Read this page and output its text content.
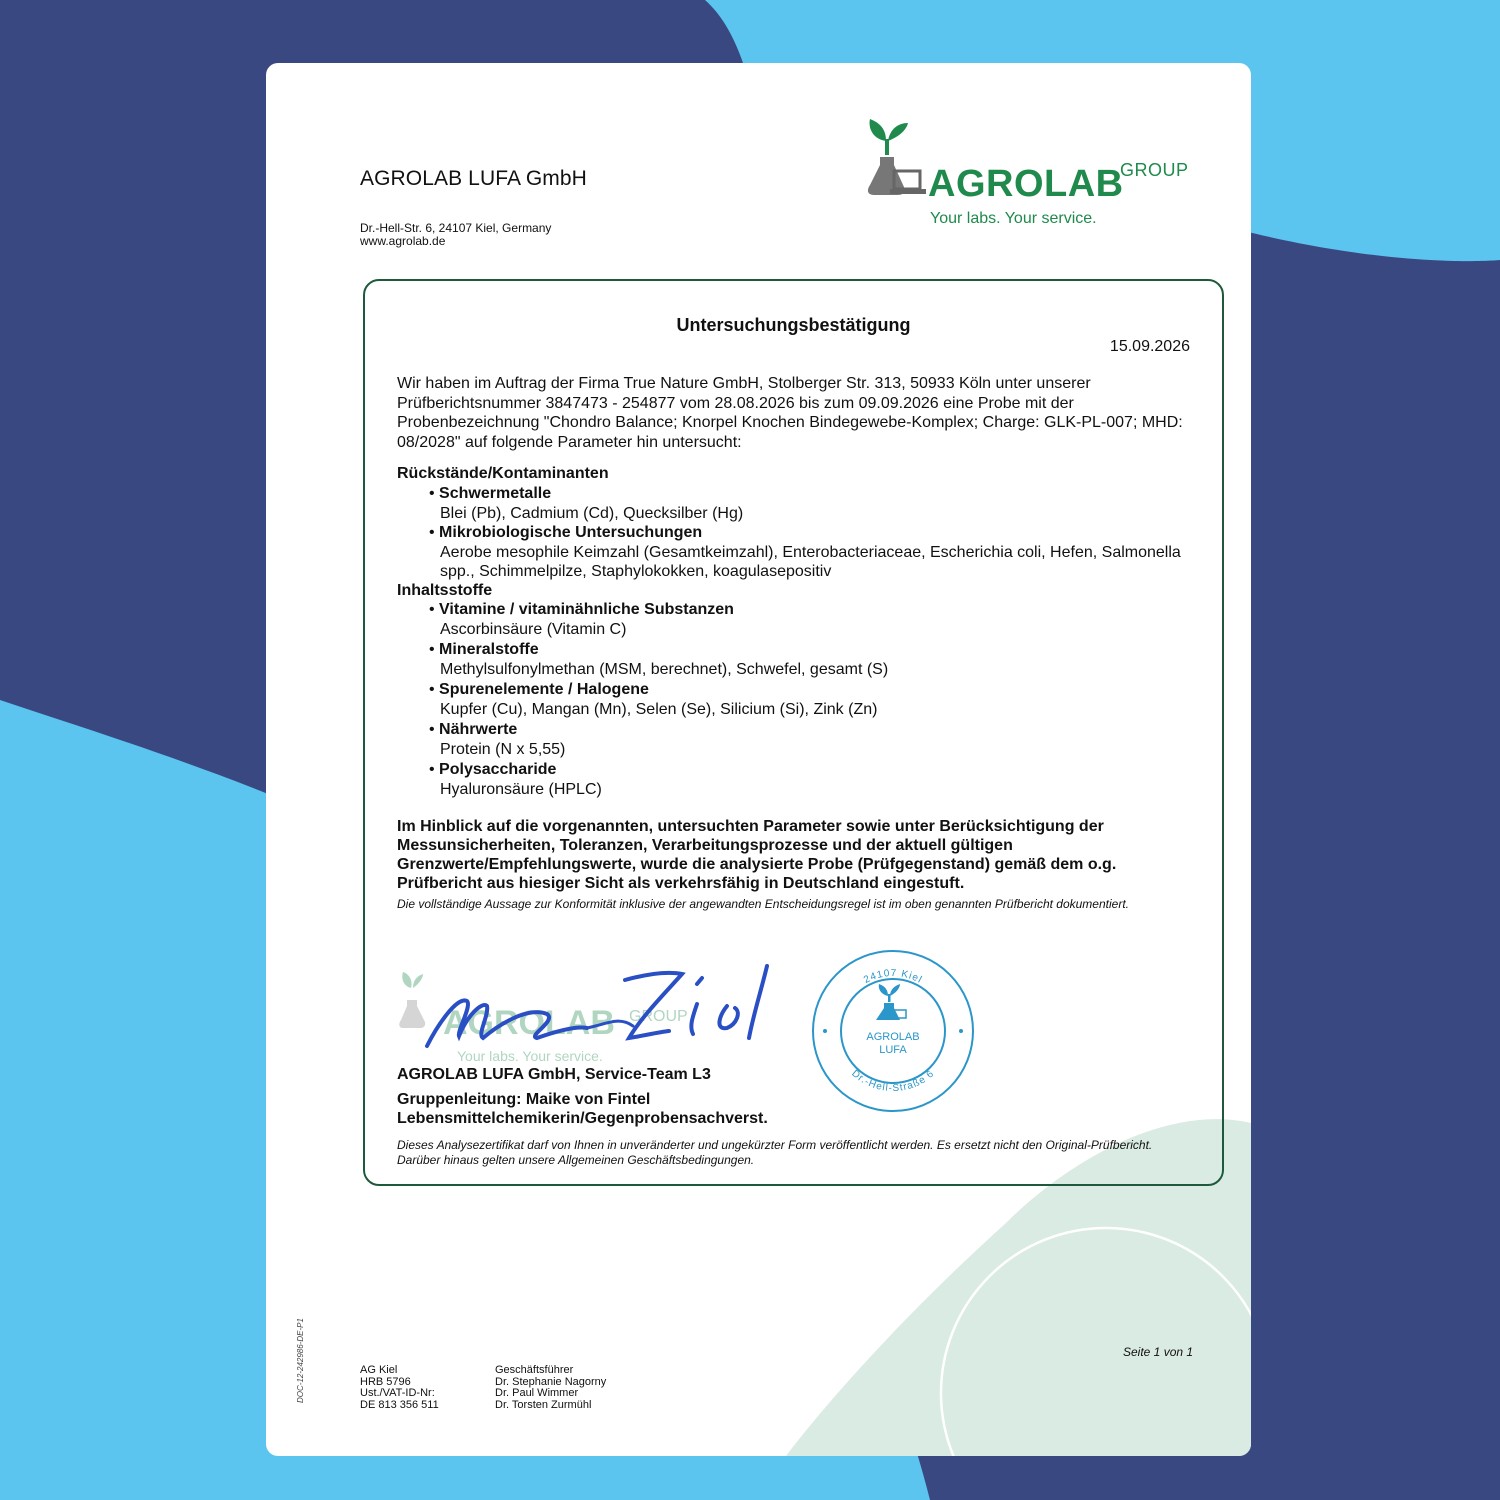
AGROLAB LUFA GmbH
Dr.-Hell-Str. 6, 24107 Kiel, Germany
www.agrolab.de
AGROLAB
GROUP
Your labs. Your service.
Untersuchungsbestätigung
15.09.2026
Wir haben im Auftrag der Firma True Nature GmbH, Stolberger Str. 313, 50933 Köln unter unserer Prüfberichtsnummer 3847473 - 254877 vom 28.08.2026 bis zum 09.09.2026 eine Probe mit der Probenbezeichnung "Chondro Balance; Knorpel Knochen Bindegewebe-Komplex; Charge: GLK-PL-007; MHD: 08/2028" auf folgende Parameter hin untersucht:
Rückstände/Kontaminanten
• Schwermetalle
Blei (Pb), Cadmium (Cd), Quecksilber (Hg)
• Mikrobiologische Untersuchungen
Aerobe mesophile Keimzahl (Gesamtkeimzahl), Enterobacteriaceae, Escherichia coli, Hefen, Salmonella spp., Schimmelpilze, Staphylokokken, koagulasepositiv
Inhaltsstoffe
• Vitamine / vitaminähnliche Substanzen
Ascorbinsäure (Vitamin C)
• Mineralstoffe
Methylsulfonylmethan (MSM, berechnet), Schwefel, gesamt (S)
• Spurenelemente / Halogene
Kupfer (Cu), Mangan (Mn), Selen (Se), Silicium (Si), Zink (Zn)
• Nährwerte
Protein (N x 5,55)
• Polysaccharide
Hyaluronsäure (HPLC)
Im Hinblick auf die vorgenannten, untersuchten Parameter sowie unter Berücksichtigung der Messunsicherheiten, Toleranzen, Verarbeitungsprozesse und der aktuell gültigen Grenzwerte/Empfehlungswerte, wurde die analysierte Probe (Prüfgegenstand) gemäß dem o.g. Prüfbericht aus hiesiger Sicht als verkehrsfähig in Deutschland eingestuft.
Die vollständige Aussage zur Konformität inklusive der angewandten Entscheidungsregel ist im oben genannten Prüfbericht dokumentiert.
AGROLAB GROUP
Your labs. Your service.
24107 Kiel
Dr.-Hell-Straße 6
AGROLAB
LUFA
AGROLAB LUFA GmbH, Service-Team L3
Gruppenleitung: Maike von Fintel
Lebensmittelchemikerin/Gegenprobensachverst.
Dieses Analysezertifikat darf von Ihnen in unveränderter und ungekürzter Form veröffentlicht werden. Es ersetzt nicht den Original-Prüfbericht. Darüber hinaus gelten unsere Allgemeinen Geschäftsbedingungen.
Seite 1 von 1
AG Kiel
HRB 5796
Ust./VAT-ID-Nr:
DE 813 356 511
Geschäftsführer
Dr. Stephanie Nagorny
Dr. Paul Wimmer
Dr. Torsten Zurmühl
DOC-12-242986-DE-P1
